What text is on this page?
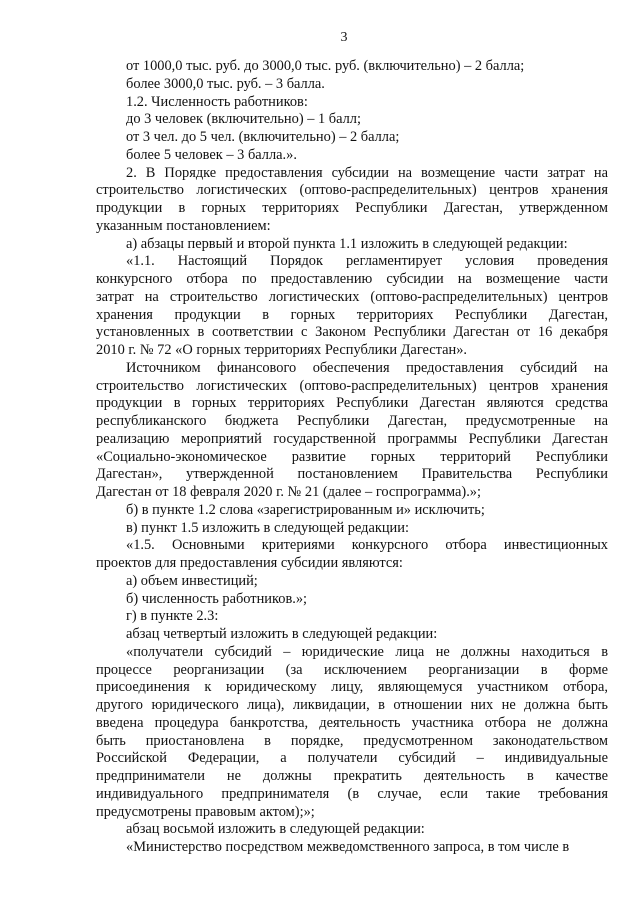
3
от 1000,0 тыс. руб. до 3000,0 тыс. руб. (включительно) – 2 балла;
более 3000,0 тыс. руб. – 3 балла.
1.2. Численность работников:
до 3 человек (включительно) – 1 балл;
от 3 чел. до 5 чел. (включительно) – 2 балла;
более 5 человек – 3 балла.».
2. В Порядке предоставления субсидии на возмещение части затрат на
строительство логистических (оптово-распределительных) центров хранения
продукции в горных территориях Республики Дагестан, утвержденном
указанным постановлением:
а) абзацы первый и второй пункта 1.1 изложить в следующей редакции:
«1.1. Настоящий Порядок регламентирует условия проведения
конкурсного отбора по предоставлению субсидии на возмещение части
затрат на строительство логистических (оптово-распределительных) центров
хранения продукции в горных территориях Республики Дагестан,
установленных в соответствии с Законом Республики Дагестан от 16 декабря
2010 г. № 72 «О горных территориях Республики Дагестан».
Источником финансового обеспечения предоставления субсидий на
строительство логистических (оптово-распределительных) центров хранения
продукции в горных территориях Республики Дагестан являются средства
республиканского бюджета Республики Дагестан, предусмотренные на
реализацию мероприятий государственной программы Республики Дагестан
«Социально-экономическое развитие горных территорий Республики
Дагестан», утвержденной постановлением Правительства Республики
Дагестан от 18 февраля 2020 г. № 21 (далее – госпрограмма).»;
б) в пункте 1.2 слова «зарегистрированным и» исключить;
в) пункт 1.5 изложить в следующей редакции:
«1.5. Основными критериями конкурсного отбора инвестиционных
проектов для предоставления субсидии являются:
а) объем инвестиций;
б) численность работников.»;
г) в пункте 2.3:
абзац четвертый изложить в следующей редакции:
«получатели субсидий – юридические лица не должны находиться в
процессе реорганизации (за исключением реорганизации в форме
присоединения к юридическому лицу, являющемуся участником отбора,
другого юридического лица), ликвидации, в отношении них не должна быть
введена процедура банкротства, деятельность участника отбора не должна
быть приостановлена в порядке, предусмотренном законодательством
Российской Федерации, а получатели субсидий – индивидуальные
предприниматели не должны прекратить деятельность в качестве
индивидуального предпринимателя (в случае, если такие требования
предусмотрены правовым актом);»;
абзац восьмой изложить в следующей редакции:
«Министерство посредством межведомственного запроса, в том числе в
